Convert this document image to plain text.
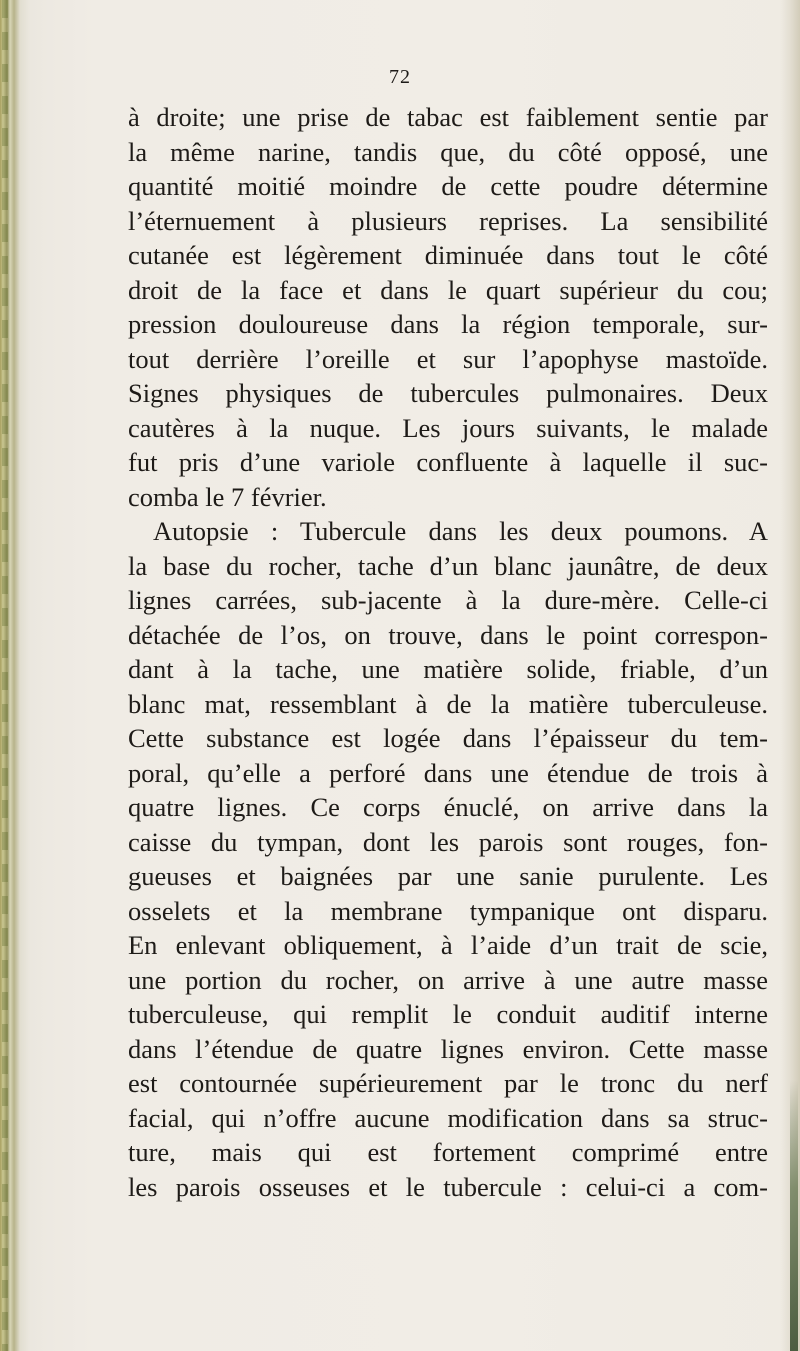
72
à droite; une prise de tabac est faiblement sentie par
la même narine, tandis que, du côté opposé, une
quantité moitié moindre de cette poudre détermine
l’éternuement à plusieurs reprises. La sensibilité
cutanée est légèrement diminuée dans tout le côté
droit de la face et dans le quart supérieur du cou;
pression douloureuse dans la région temporale, sur-
tout derrière l’oreille et sur l’apophyse mastoïde.
Signes physiques de tubercules pulmonaires. Deux
cautères à la nuque. Les jours suivants, le malade
fut pris d’une variole confluente à laquelle il suc-
comba le 7 février.
Autopsie : Tubercule dans les deux poumons. A
la base du rocher, tache d’un blanc jaunâtre, de deux
lignes carrées, sub-jacente à la dure-mère. Celle-ci
détachée de l’os, on trouve, dans le point correspon-
dant à la tache, une matière solide, friable, d’un
blanc mat, ressemblant à de la matière tuberculeuse.
Cette substance est logée dans l’épaisseur du tem-
poral, qu’elle a perforé dans une étendue de trois à
quatre lignes. Ce corps énuclé, on arrive dans la
caisse du tympan, dont les parois sont rouges, fon-
gueuses et baignées par une sanie purulente. Les
osselets et la membrane tympanique ont disparu.
En enlevant obliquement, à l’aide d’un trait de scie,
une portion du rocher, on arrive à une autre masse
tuberculeuse, qui remplit le conduit auditif interne
dans l’étendue de quatre lignes environ. Cette masse
est contournée supérieurement par le tronc du nerf
facial, qui n’offre aucune modification dans sa struc-
ture, mais qui est fortement comprimé entre
les parois osseuses et le tubercule : celui-ci a com-
